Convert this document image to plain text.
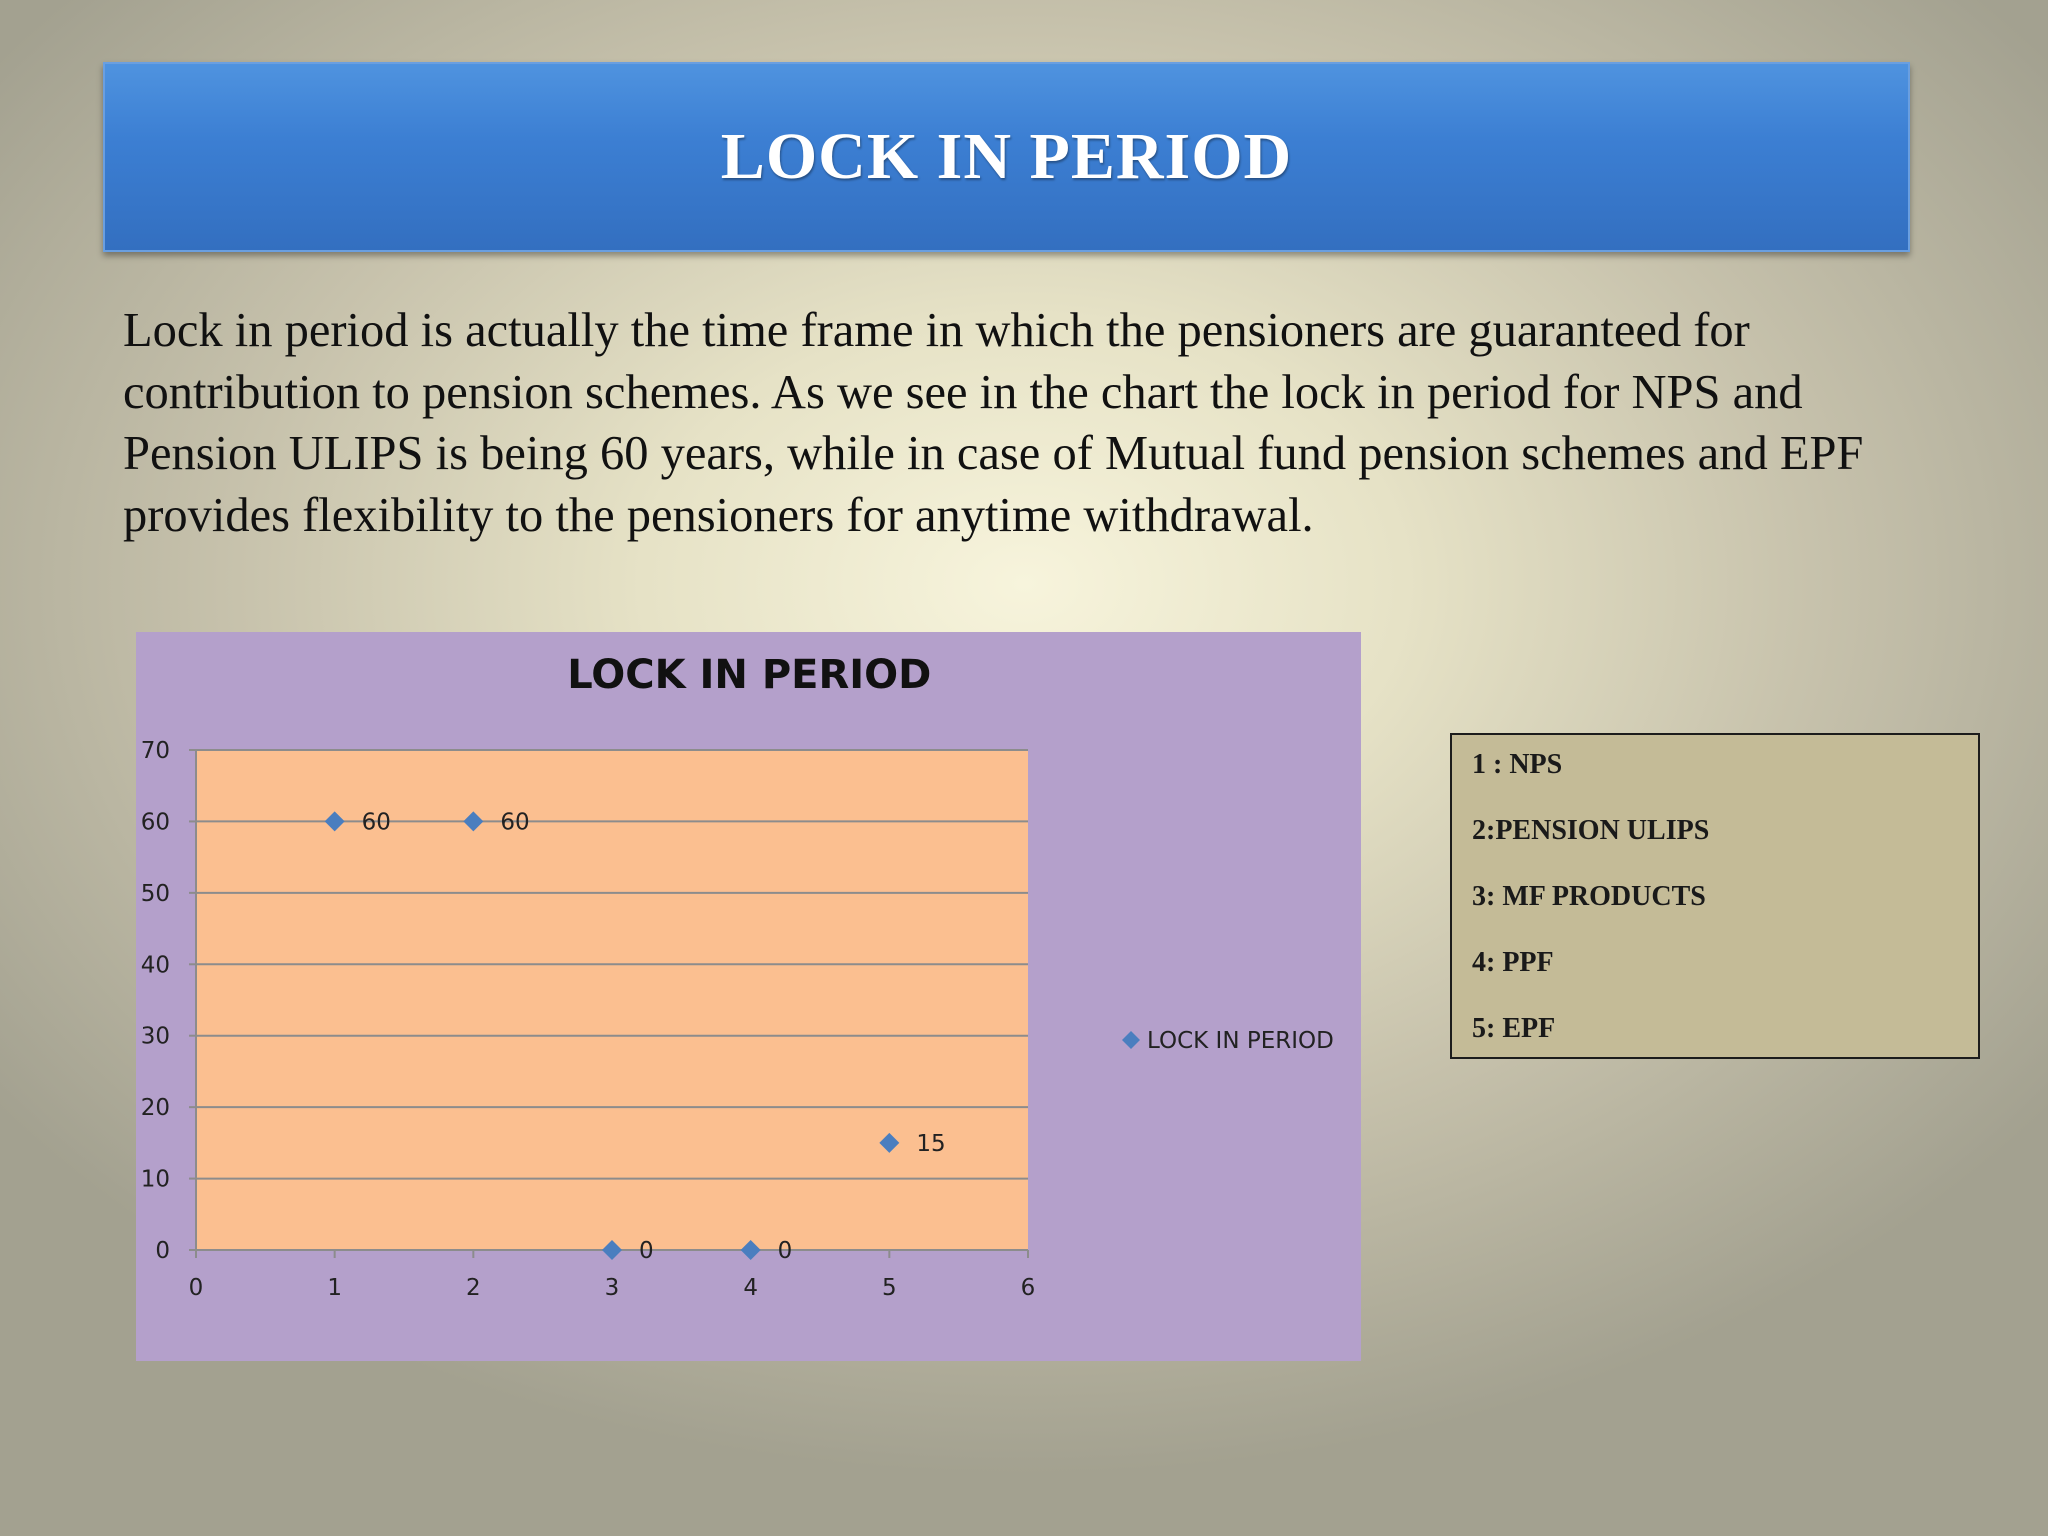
LOCK IN PERIOD

Lock in period is actually the time frame in which the pensioners are guaranteed for contribution to pension schemes. As we see in the chart the lock in period for NPS and Pension ULIPS is being 60 years, while in case of Mutual fund pension schemes and EPF provides flexibility to the pensioners for anytime withdrawal.

LOCK IN PERIOD
0
10
20
30
40
50
60
70
0	1	2	3	4	5	6
60	60
0	0
15
LOCK IN PERIOD
1 : NPS
2:PENSION ULIPS
3: MF PRODUCTS
4: PPF
5: EPF
